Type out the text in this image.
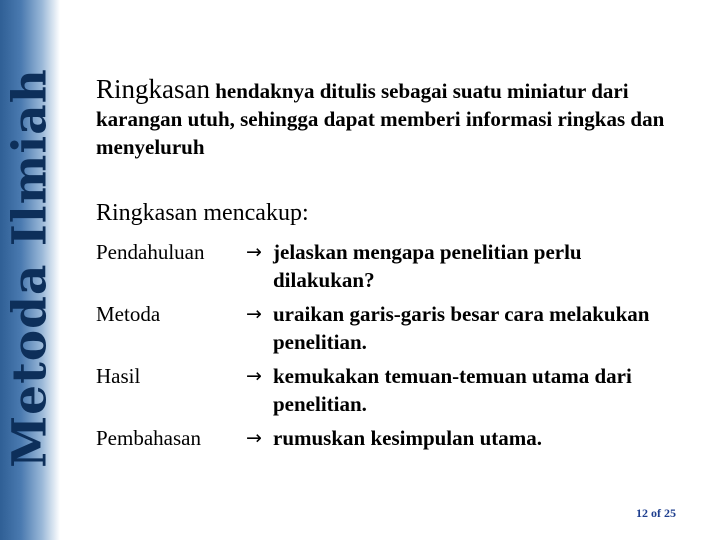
Metoda Ilmiah Ringkasan hendaknya ditulis sebagai suatu miniatur dari karangan utuh, sehingga dapat memberi informasi ringkas dan menyeluruh
Ringkasan mencakup:
Pendahuluan → jelaskan mengapa penelitian perlu dilakukan?
Metoda	→ uraikan garis-garis besar cara melakukan penelitian.
Hasil	→ kemukakan temuan-temuan utama dari penelitian.
Pembahasan → rumuskan kesimpulan utama.
12 of 25
